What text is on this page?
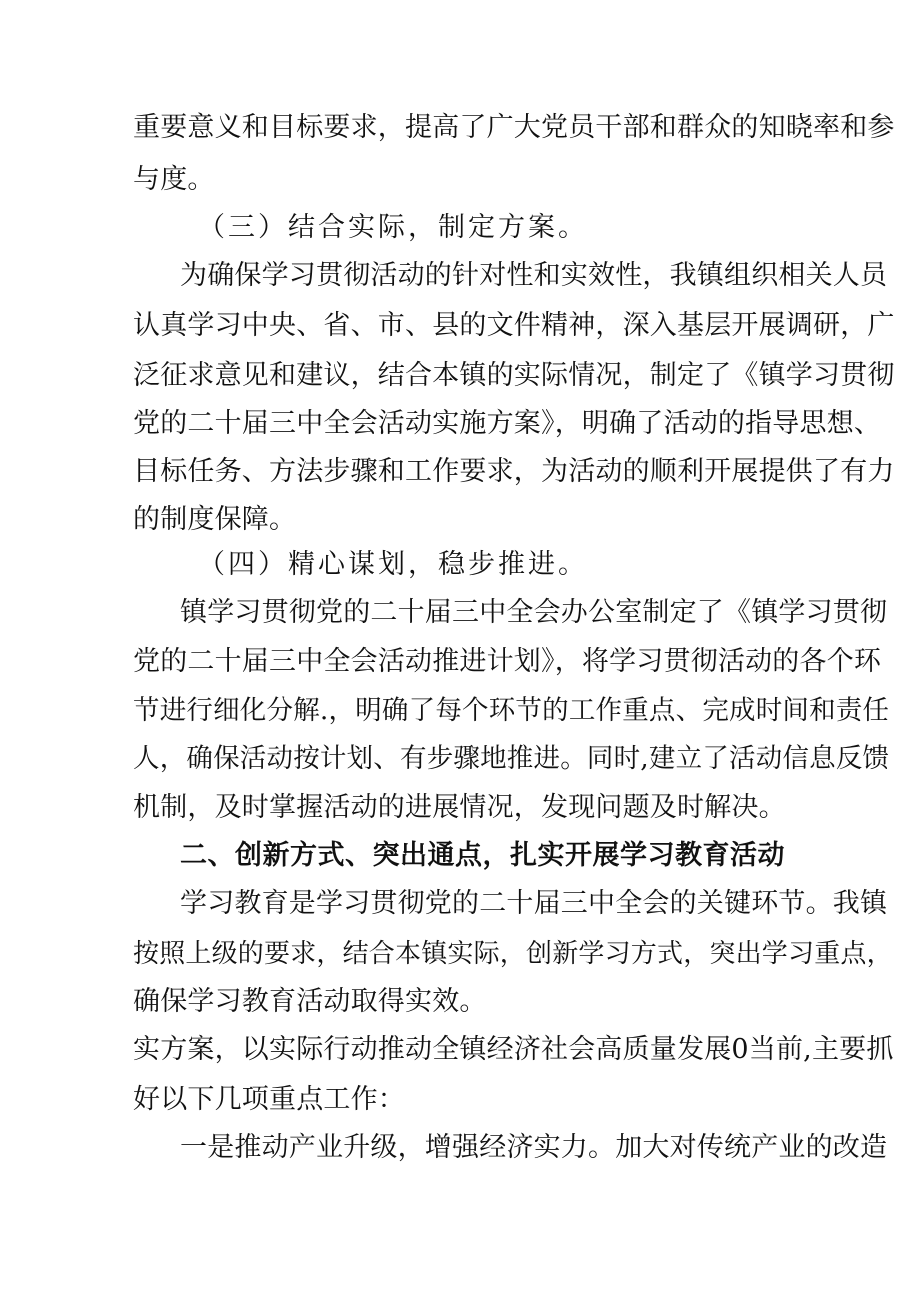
重要意义和目标要求，提高了广大党员干部和群众的知晓率和参
与度。
（三）结合实际，制定方案。
为确保学习贯彻活动的针对性和实效性，我镇组织相关人员
认真学习中央、省、市、县的文件精神，深入基层开展调研，广
泛征求意见和建议，结合本镇的实际情况，制定了《镇学习贯彻
党的二十届三中全会活动实施方案》，明确了活动的指导思想、
目标任务、方法步骤和工作要求，为活动的顺利开展提供了有力
的制度保障。
（四）精心谋划，稳步推进。
镇学习贯彻党的二十届三中全会办公室制定了《镇学习贯彻
党的二十届三中全会活动推进计划》，将学习贯彻活动的各个环
节进行细化分解.，明确了每个环节的工作重点、完成时间和责任
人，确保活动按计划、有步骤地推进。同时,建立了活动信息反馈
机制，及时掌握活动的进展情况，发现问题及时解决。
二、创新方式、突出通点，扎实开展学习教育活动
学习教育是学习贯彻党的二十届三中全会的关键环节。我镇
按照上级的要求，结合本镇实际，创新学习方式，突出学习重点，
确保学习教育活动取得实效。
实方案，以实际行动推动全镇经济社会高质量发展0当前,主要抓
好以下几项重点工作：
一是推动产业升级，增强经济实力。加大对传统产业的改造
